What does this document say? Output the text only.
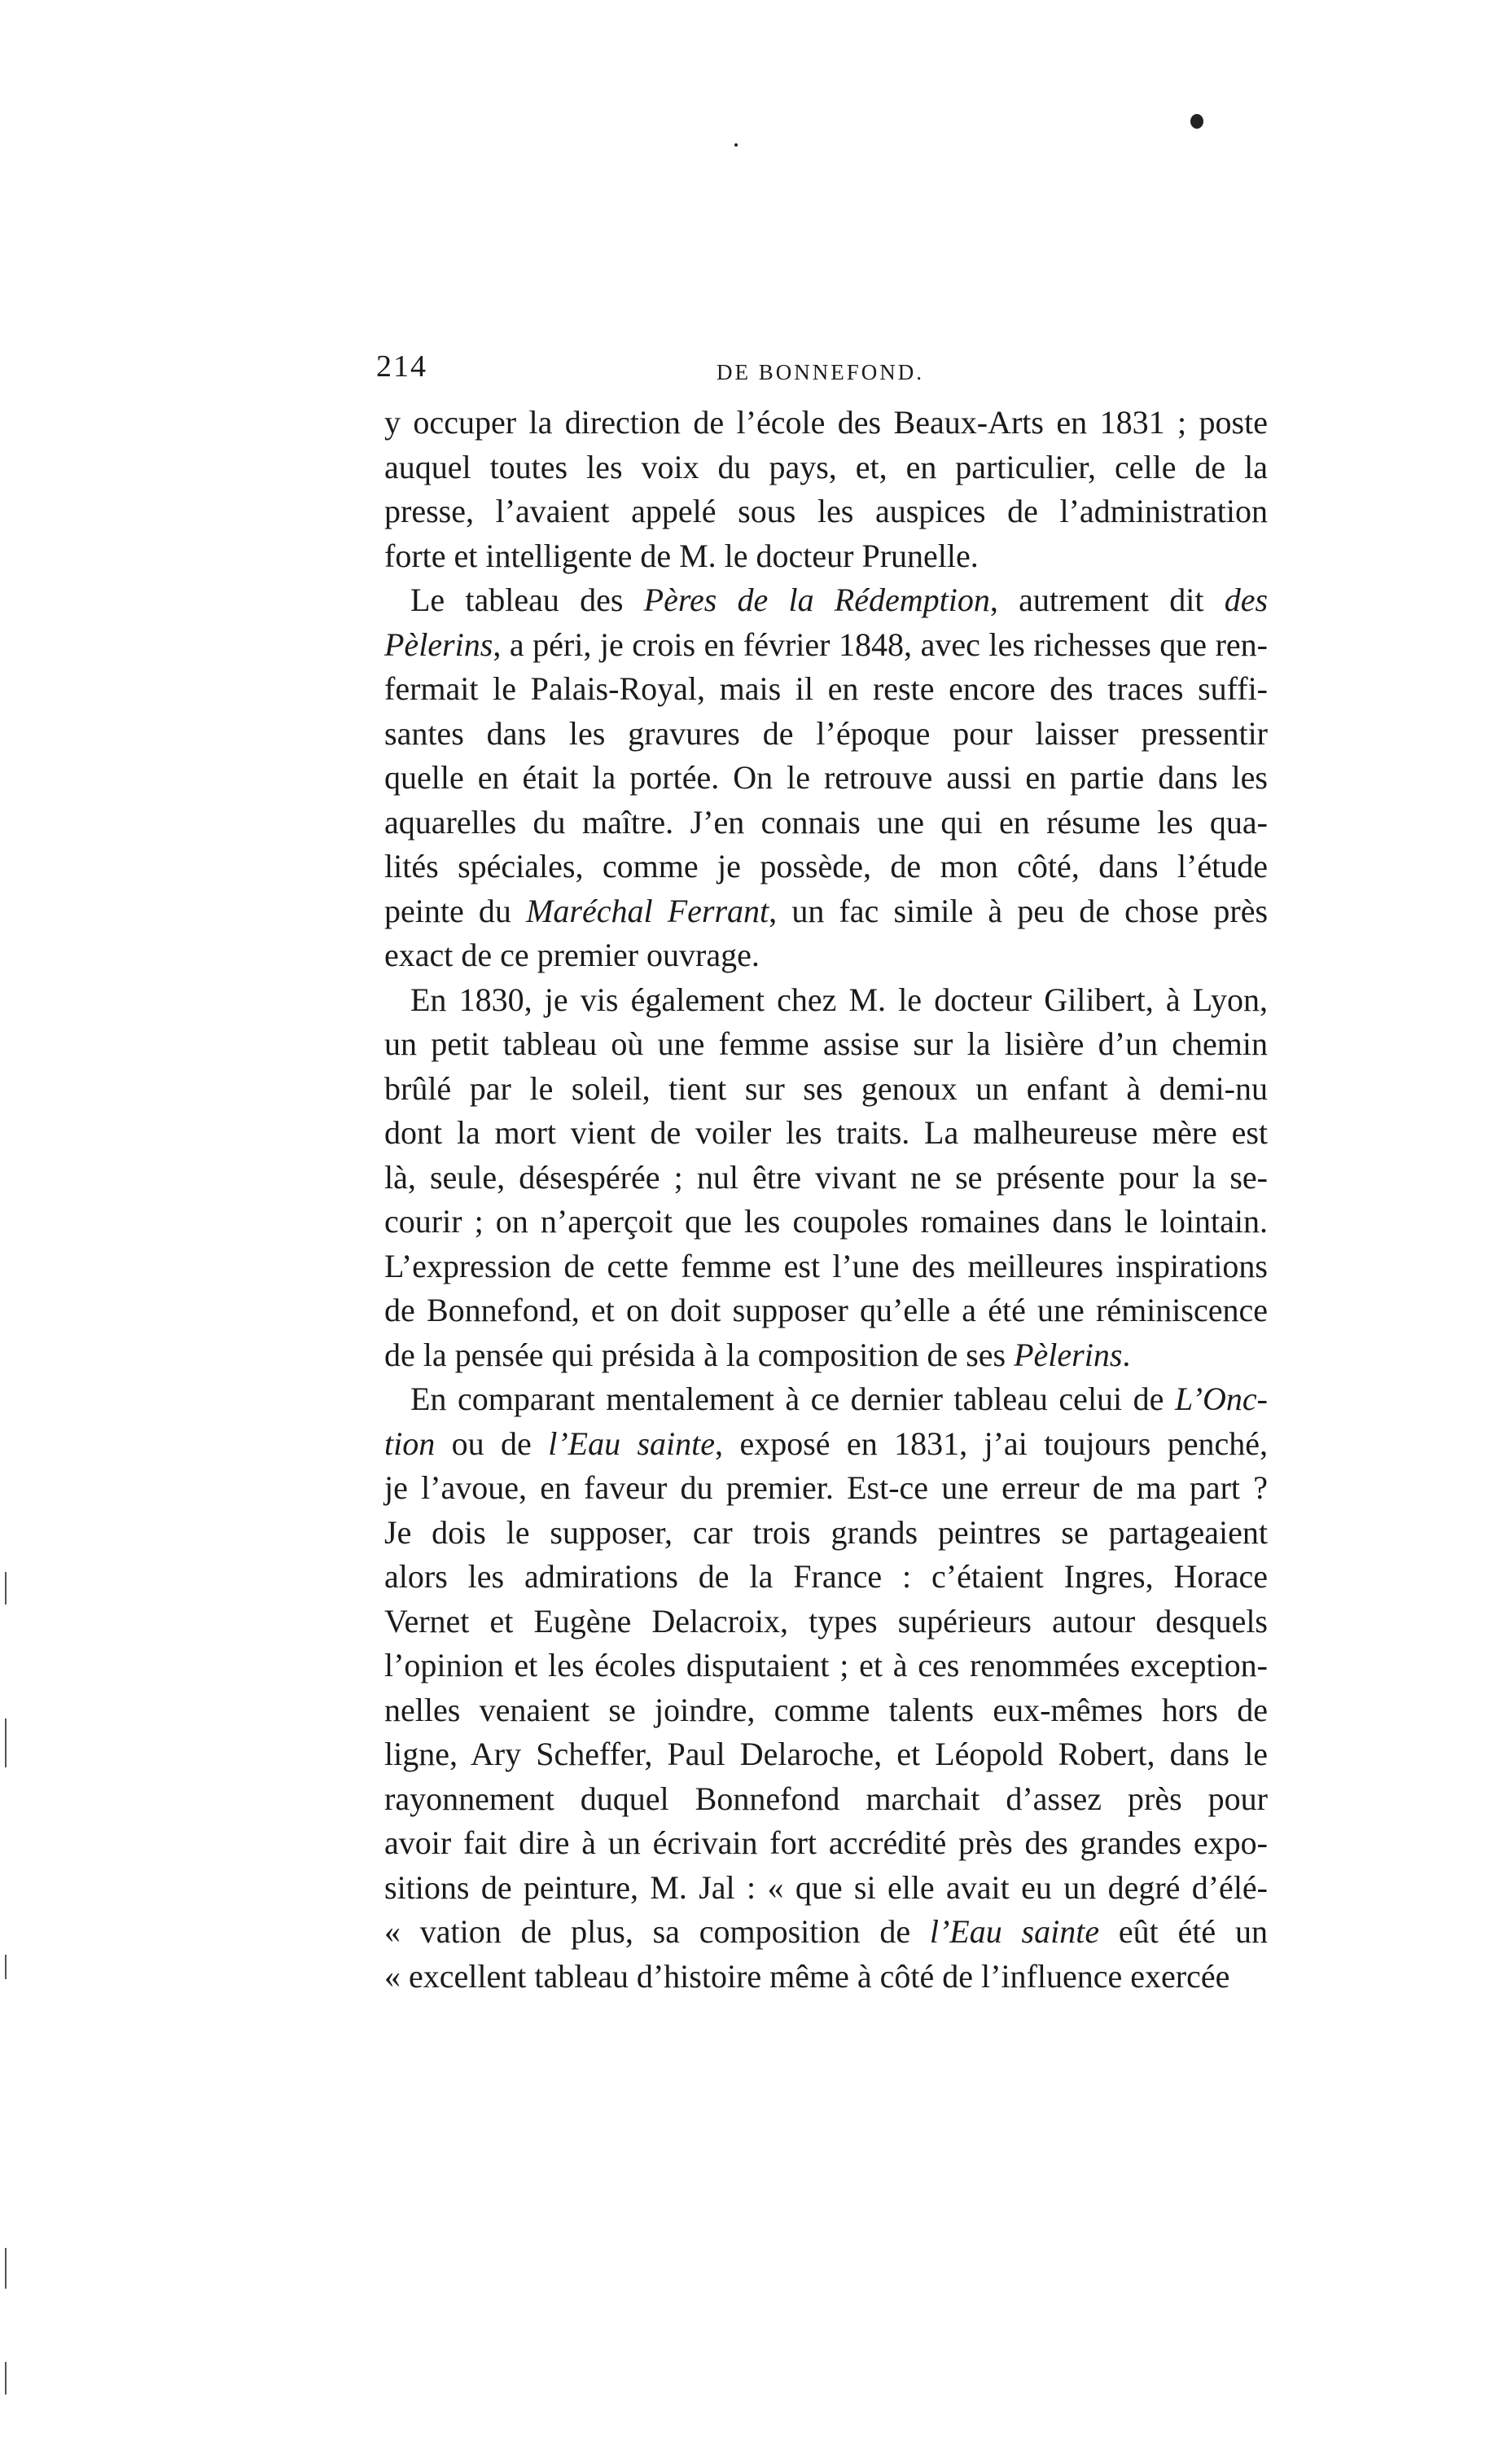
214	DE BONNEFOND.
y occuper la direction de l’école des Beaux-Arts en 1831 ; poste
auquel toutes les voix du pays, et, en particulier, celle de la
presse, l’avaient appelé sous les auspices de l’administration
forte et intelligente de M. le docteur Prunelle.
Le tableau des Pères de la Rédemption, autrement dit des
Pèlerins, a péri, je crois en février 1848, avec les richesses que ren-
fermait le Palais-Royal, mais il en reste encore des traces suffi-
santes dans les gravures de l’époque pour laisser pressentir
quelle en était la portée. On le retrouve aussi en partie dans les
aquarelles du maître. J’en connais une qui en résume les qua-
lités spéciales, comme je possède, de mon côté, dans l’étude
peinte du Maréchal Ferrant, un fac simile à peu de chose près
exact de ce premier ouvrage.
En 1830, je vis également chez M. le docteur Gilibert, à Lyon,
un petit tableau où une femme assise sur la lisière d’un chemin
brûlé par le soleil, tient sur ses genoux un enfant à demi-nu
dont la mort vient de voiler les traits. La malheureuse mère est
là, seule, désespérée ; nul être vivant ne se présente pour la se-
courir ; on n’aperçoit que les coupoles romaines dans le lointain.
L’expression de cette femme est l’une des meilleures inspirations
de Bonnefond, et on doit supposer qu’elle a été une réminiscence
de la pensée qui présida à la composition de ses Pèlerins.
En comparant mentalement à ce dernier tableau celui de L’Onc-
tion ou de l’Eau sainte, exposé en 1831, j’ai toujours penché,
je l’avoue, en faveur du premier. Est-ce une erreur de ma part ?
Je dois le supposer, car trois grands peintres se partageaient
alors les admirations de la France : c’étaient Ingres, Horace
Vernet et Eugène Delacroix, types supérieurs autour desquels
l’opinion et les écoles disputaient ; et à ces renommées exception-
nelles venaient se joindre, comme talents eux-mêmes hors de
ligne, Ary Scheffer, Paul Delaroche, et Léopold Robert, dans le
rayonnement duquel Bonnefond marchait d’assez près pour
avoir fait dire à un écrivain fort accrédité près des grandes expo-
sitions de peinture, M. Jal : « que si elle avait eu un degré d’élé-
« vation de plus, sa composition de l’Eau sainte eût été un
« excellent tableau d’histoire même à côté de l’influence exercée
